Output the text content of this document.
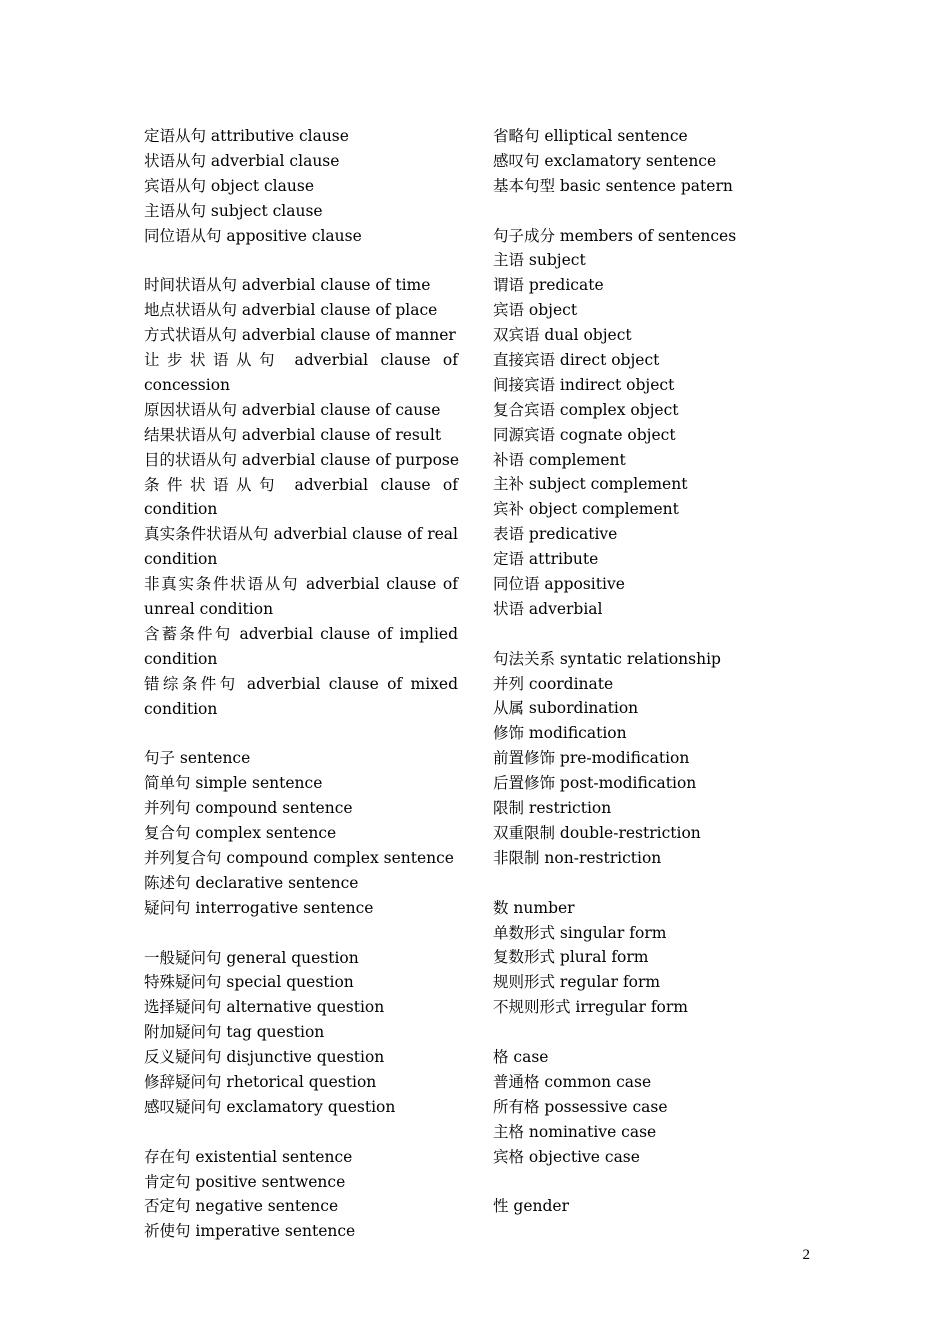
定语从句 attributive clause
状语从句 adverbial clause
宾语从句 object clause
主语从句 subject clause
同位语从句 appositive clause
时间状语从句 adverbial clause of time
地点状语从句 adverbial clause of place
方式状语从句 adverbial clause of manner
让步状语从句 adverbial clause of concession
原因状语从句 adverbial clause of cause
结果状语从句 adverbial clause of result
目的状语从句 adverbial clause of purpose
条件状语从句 adverbial clause of condition
真实条件状语从句 adverbial clause of real condition
非真实条件状语从句 adverbial clause of unreal condition
含蓄条件句 adverbial clause of implied condition
错综条件句 adverbial clause of mixed condition
句子 sentence
简单句 simple sentence
并列句 compound sentence
复合句 complex sentence
并列复合句 compound complex sentence
陈述句 declarative sentence
疑问句 interrogative sentence
一般疑问句 general question
特殊疑问句 special question
选择疑问句 alternative question
附加疑问句 tag question
反义疑问句 disjunctive question
修辞疑问句 rhetorical question
感叹疑问句 exclamatory question
存在句 existential sentence
肯定句 positive sentwence
否定句 negative sentence
祈使句 imperative sentence
省略句 elliptical sentence
感叹句 exclamatory sentence
基本句型 basic sentence patern
句子成分 members of sentences
主语 subject
谓语 predicate
宾语 object
双宾语 dual object
直接宾语 direct object
间接宾语 indirect object
复合宾语 complex object
同源宾语 cognate object
补语 complement
主补 subject complement
宾补 object complement
表语 predicative
定语 attribute
同位语 appositive
状语 adverbial
句法关系 syntatic relationship
并列 coordinate
从属 subordination
修饰 modification
前置修饰 pre-modification
后置修饰 post-modification
限制 restriction
双重限制 double-restriction
非限制 non-restriction
数 number
单数形式 singular form
复数形式 plural form
规则形式 regular form
不规则形式 irregular form
格 case
普通格 common case
所有格 possessive case
主格 nominative case
宾格 objective case
性 gender
2
